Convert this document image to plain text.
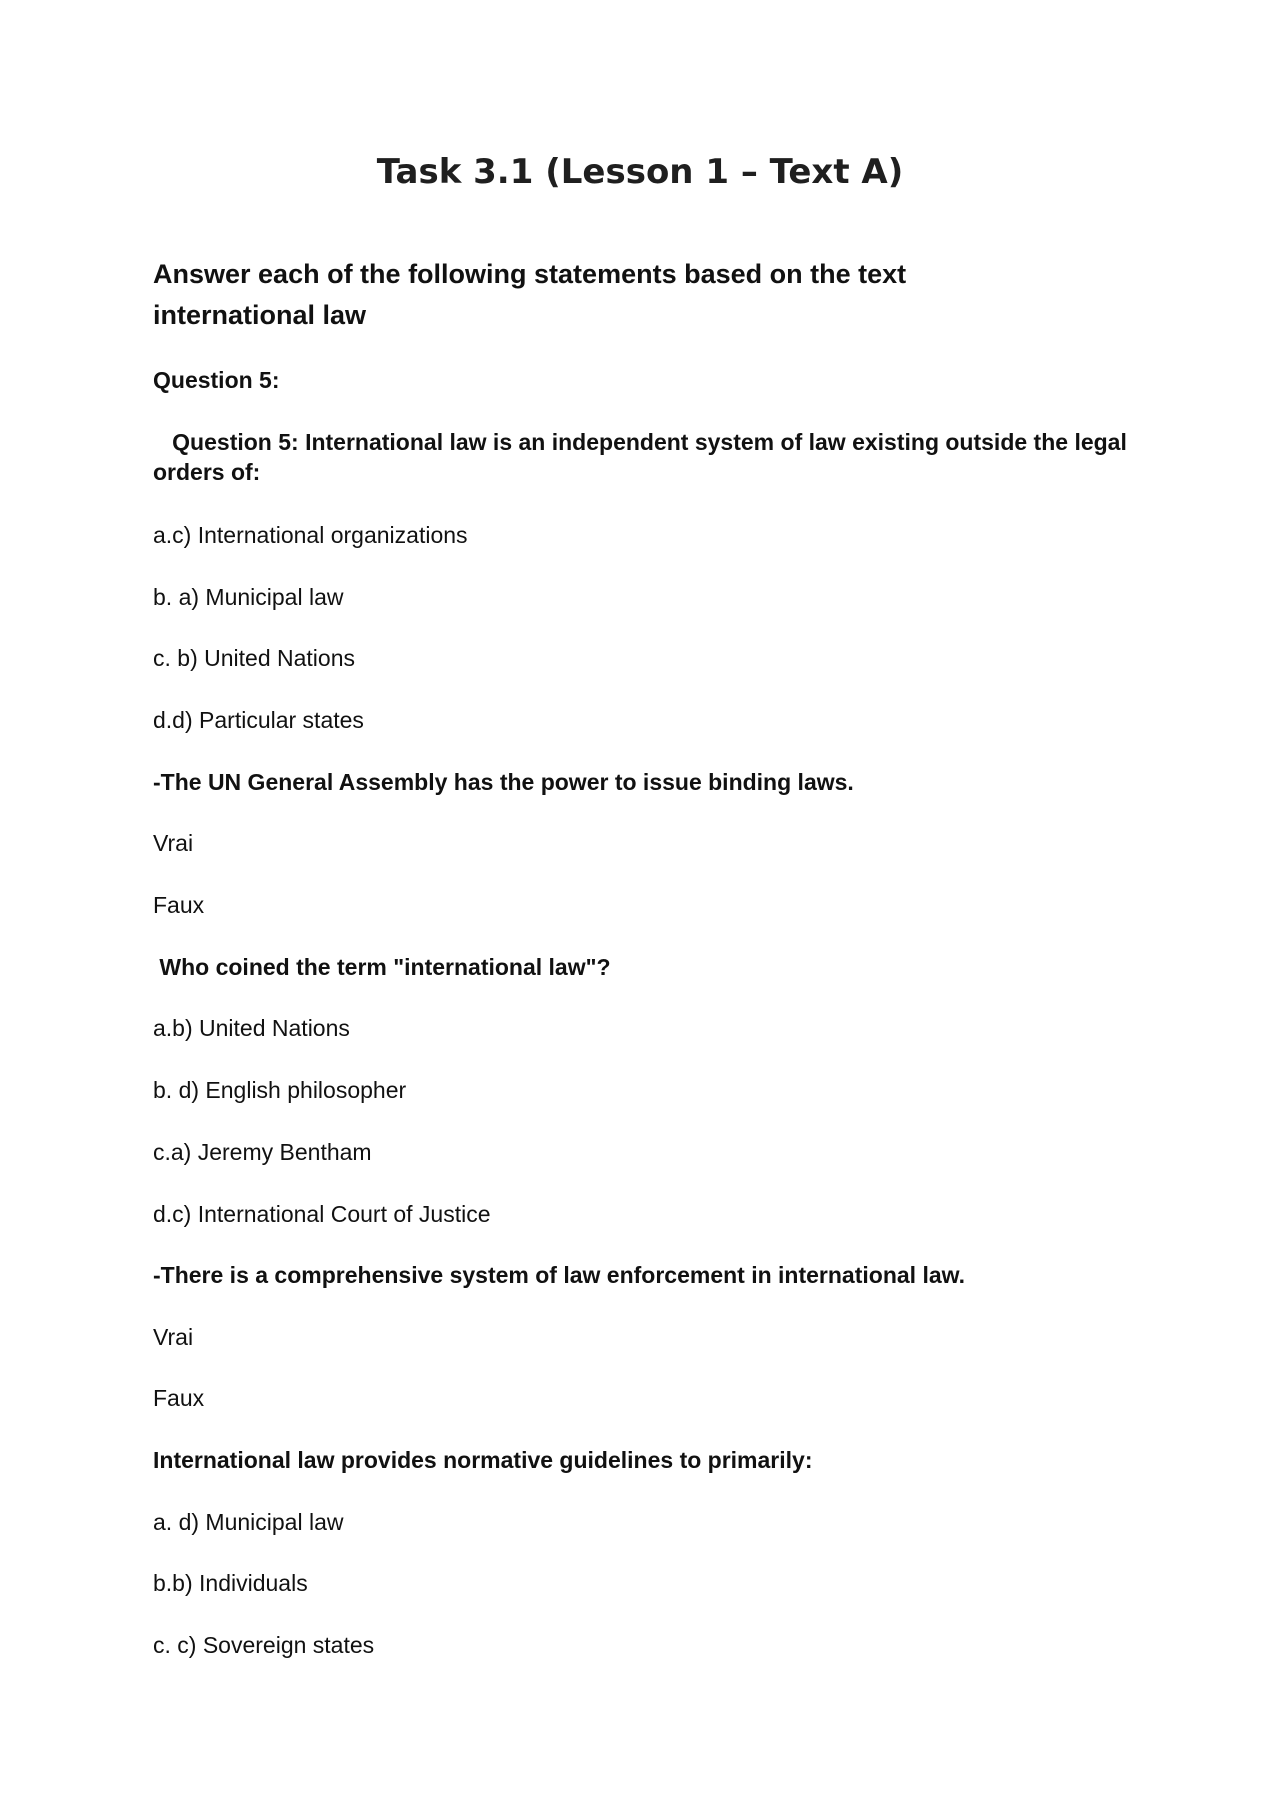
Task 3.1 (Lesson 1 – Text A)
Answer each of the following statements based on the text international law
Question 5:
Question 5: International law is an independent system of law existing outside the legal orders of:
a.c) International organizations
b. a) Municipal law
c. b) United Nations
d.d) Particular states
-The UN General Assembly has the power to issue binding laws.
Vrai
Faux
Who coined the term "international law"?
a.b) United Nations
b. d) English philosopher
c.a) Jeremy Bentham
d.c) International Court of Justice
-There is a comprehensive system of law enforcement in international law.
Vrai
Faux
International law provides normative guidelines to primarily:
a. d) Municipal law
b.b) Individuals
c. c) Sovereign states
